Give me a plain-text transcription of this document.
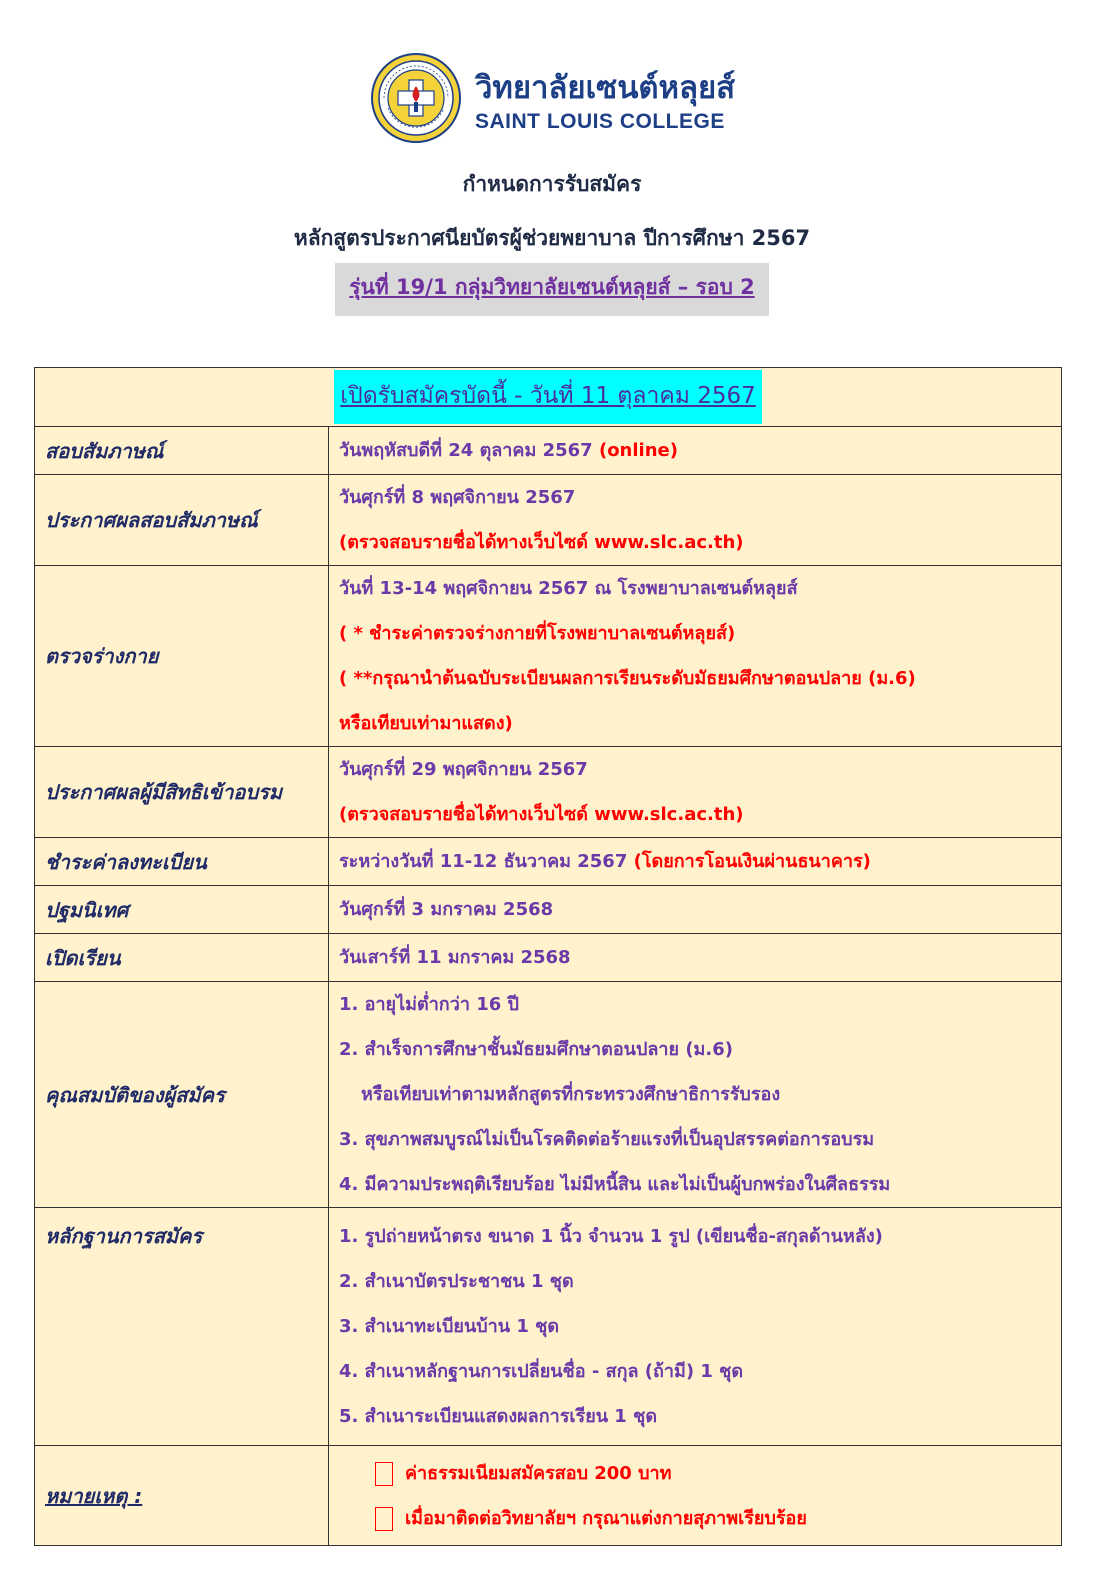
วิทยาลัยเซนต์หลุยส์
SAINT LOUIS COLLEGE
กำหนดการรับสมัคร
หลักสูตรประกาศนียบัตรผู้ช่วยพยาบาล ปีการศึกษา 2567
รุ่นที่ 19/1 กลุ่มวิทยาลัยเซนต์หลุยส์ – รอบ 2
เปิดรับสมัครบัดนี้ - วันที่ 11 ตุลาคม 2567	
สอบสัมภาษณ์	วันพฤหัสบดีที่ 24 ตุลาคม 2567 (online)

ประกาศผลสอบสัมภาษณ์	วันศุกร์ที่ 8 พฤศจิกายน 2567
(ตรวจสอบรายชื่อได้ทางเว็บไซด์ www.slc.ac.th)

ตรวจร่างกาย	วันที่ 13-14 พฤศจิกายน 2567 ณ โรงพยาบาลเซนต์หลุยส์
( * ชำระค่าตรวจร่างกายที่โรงพยาบาลเซนต์หลุยส์)
( **กรุณานำต้นฉบับระเบียนผลการเรียนระดับมัธยมศึกษาตอนปลาย (ม.6)
หรือเทียบเท่ามาแสดง)

ประกาศผลผู้มีสิทธิเข้าอบรม	วันศุกร์ที่ 29 พฤศจิกายน 2567
(ตรวจสอบรายชื่อได้ทางเว็บไซด์ www.slc.ac.th)

ชำระค่าลงทะเบียน	ระหว่างวันที่ 11-12 ธันวาคม 2567 (โดยการโอนเงินผ่านธนาคาร)

ปฐมนิเทศ	วันศุกร์ที่ 3 มกราคม 2568

เปิดเรียน	วันเสาร์ที่ 11 มกราคม 2568

คุณสมบัติของผู้สมัคร	1. อายุไม่ต่ำกว่า 16 ปี
2. สำเร็จการศึกษาชั้นมัธยมศึกษาตอนปลาย (ม.6)
หรือเทียบเท่าตามหลักสูตรที่กระทรวงศึกษาธิการรับรอง
3. สุขภาพสมบูรณ์ไม่เป็นโรคติดต่อร้ายแรงที่เป็นอุปสรรคต่อการอบรม
4. มีความประพฤติเรียบร้อย ไม่มีหนี้สิน และไม่เป็นผู้บกพร่องในศีลธรรม

หลักฐานการสมัคร	1. รูปถ่ายหน้าตรง ขนาด 1 นิ้ว จำนวน 1 รูป (เขียนชื่อ-สกุลด้านหลัง)
2. สำเนาบัตรประชาชน 1 ชุด
3. สำเนาทะเบียนบ้าน 1 ชุด
4. สำเนาหลักฐานการเปลี่ยนชื่อ - สกุล (ถ้ามี) 1 ชุด
5. สำเนาระเบียนแสดงผลการเรียน 1 ชุด

หมายเหตุ :	ค่าธรรมเนียมสมัครสอบ 200 บาท
เมื่อมาติดต่อวิทยาลัยฯ กรุณาแต่งกายสุภาพเรียบร้อย
